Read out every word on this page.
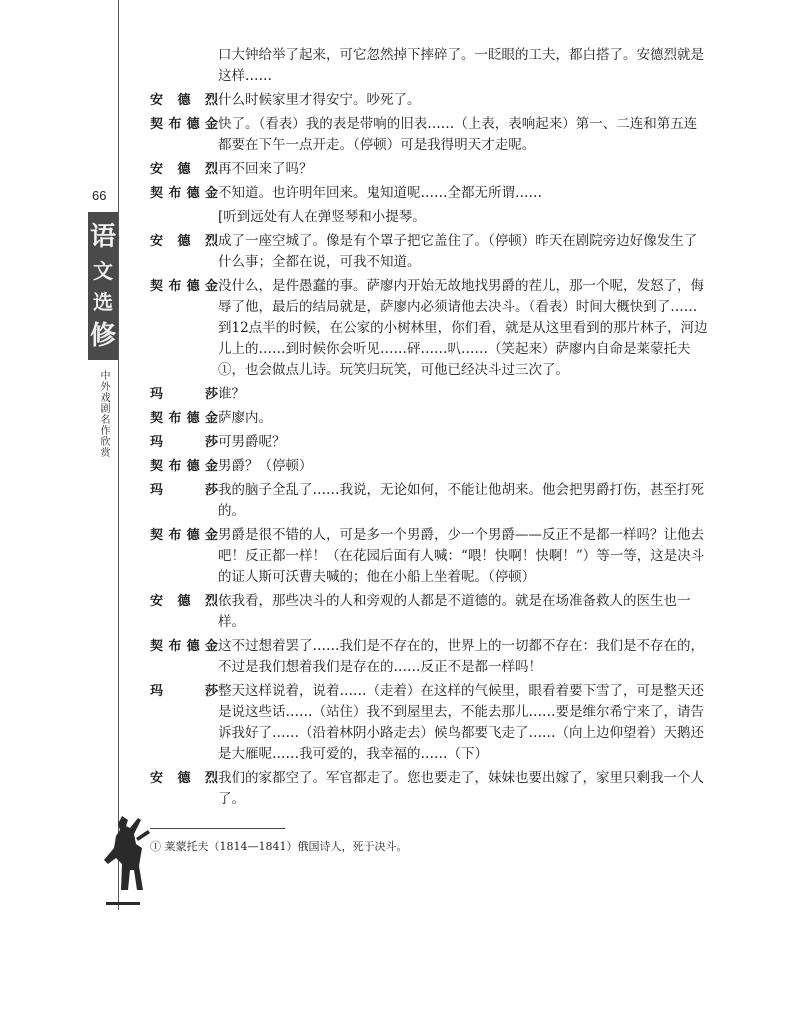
66
语
文
选
修
中外戏剧名作欣赏
口大钟给举了起来，可它忽然掉下摔碎了。一眨眼的工夫，都白搭了。安德烈就是这样……
安 德 烈 什么时候家里才得安宁。吵死了。
契 布 德 金 快了。（看表）我的表是带响的旧表……（上表，表响起来）第一、二连和第五连都要在下午一点开走。（停顿）可是我得明天才走呢。
安 德 烈 再不回来了吗？
契 布 德 金 不知道。也许明年回来。鬼知道呢……全都无所谓……
[听到远处有人在弹竖琴和小提琴。
安 德 烈 成了一座空城了。像是有个罩子把它盖住了。（停顿）昨天在剧院旁边好像发生了什么事；全都在说，可我不知道。
契 布 德 金 没什么，是件愚蠢的事。萨廖内开始无故地找男爵的茬儿，那一个呢，发怒了，侮辱了他，最后的结局就是，萨廖内必须请他去决斗。（看表）时间大概快到了……到12点半的时候，在公家的小树林里，你们看，就是从这里看到的那片林子，河边儿上的……到时候你会听见……砰……叭……（笑起来）萨廖内自命是莱蒙托夫①，也会做点儿诗。玩笑归玩笑，可他已经决斗过三次了。
玛	莎 谁？
契 布 德 金 萨廖内。
玛	莎 可男爵呢？
契 布 德 金 男爵？（停顿）
玛	莎 我的脑子全乱了……我说，无论如何，不能让他胡来。他会把男爵打伤，甚至打死的。
契 布 德 金 男爵是很不错的人，可是多一个男爵，少一个男爵——反正不是都一样吗？让他去吧！反正都一样！（在花园后面有人喊：“喂！快啊！快啊！”）等一等，这是决斗的证人斯可沃曹夫喊的；他在小船上坐着呢。（停顿）
安 德 烈 依我看，那些决斗的人和旁观的人都是不道德的。就是在场准备救人的医生也一样。
契 布 德 金 这不过想着罢了……我们是不存在的，世界上的一切都不存在：我们是不存在的，不过是我们想着我们是存在的……反正不是都一样吗！
玛	莎 整天这样说着，说着……（走着）在这样的气候里，眼看着要下雪了，可是整天还是说这些话……（站住）我不到屋里去，不能去那儿……要是维尔希宁来了，请告诉我好了……（沿着林阴小路走去）候鸟都要飞走了……（向上边仰望着）天鹅还是大雁呢……我可爱的，我幸福的……（下）
安 德 烈 我们的家都空了。军官都走了。您也要走了，妹妹也要出嫁了，家里只剩我一个人了。
① 莱蒙托夫（1814—1841）俄国诗人，死于决斗。
